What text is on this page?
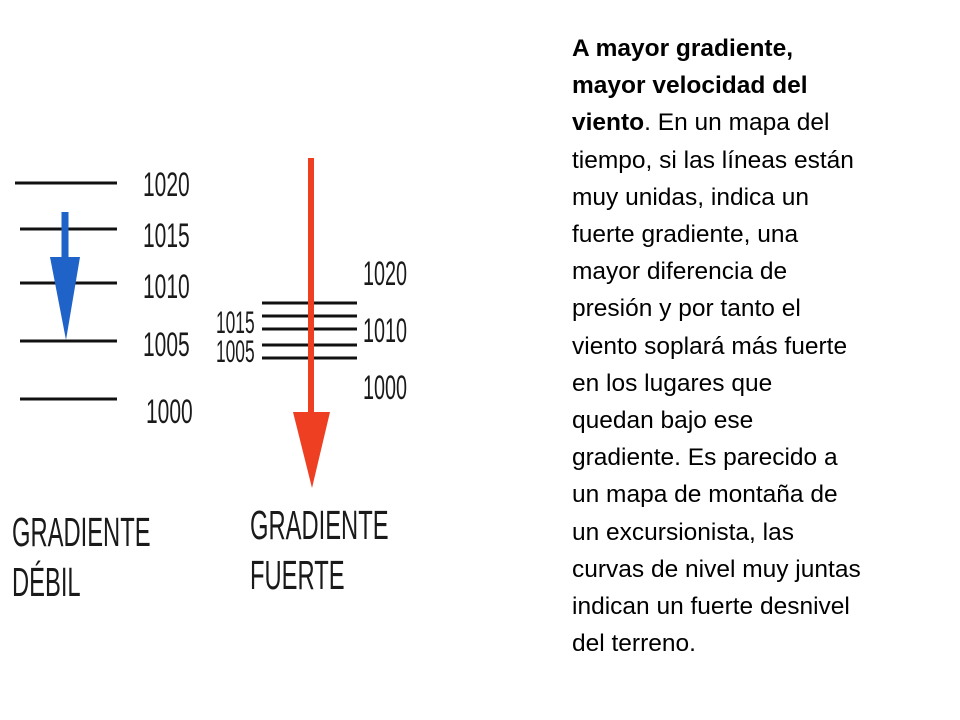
1020
1015
1010
1005
1000
GRADIENTE
DÉBIL
1015
1005
1020
1010
1000
GRADIENTE
FUERTE
A mayor gradiente,
mayor velocidad del
viento. En un mapa del
tiempo, si las líneas están
muy unidas, indica un
fuerte gradiente, una
mayor diferencia de
presión y por tanto el
viento soplará más fuerte
en los lugares que
quedan bajo ese
gradiente. Es parecido a
un mapa de montaña de
un excursionista, las
curvas de nivel muy juntas
indican un fuerte desnivel
del terreno.
